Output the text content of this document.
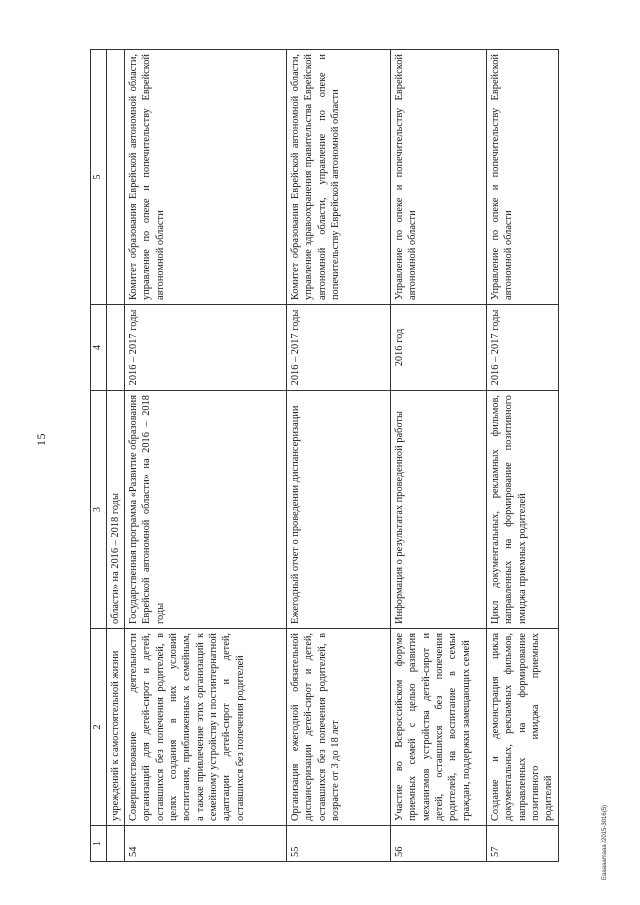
15
1	2	3	4	5
	учреждений к самостоятельной жизни	области» на 2016 – 2018 годы		
54	Совершенствование деятельности организаций для детей-сирот и детей, оставшихся без попечения родителей, в целях создания в них условий воспитания, приближенных к семейным, а также привлечение этих организаций к семейному устройству и постинтернатной адаптации детей-сирот и детей, оставшихся без попечения родителей	Государственная программа «Развитие образования Еврейской автономной области» на 2016 – 2018 годы	2016 – 2017 годы	Комитет образования Еврейской автономной области, управление по опеке и попечительству Еврейской автономной области
55	Организация ежегодной обязательной диспансеризации детей-сирот и детей, оставшихся без попечения родителей, в возрасте от 3 до 18 лет	Ежегодный отчет о проведении диспансеризации	2016 – 2017 годы	Комитет образования Еврейской автономной области, управление здравоохранения правительства Еврейской автономной области, управление по опеке и попечительству Еврейской автономной области
56	Участие во Всероссийском форуме приемных семей с целью развития механизмов устройства детей-сирот и детей, оставшихся без попечения родителей, на воспитание в семьи граждан, поддержки замещающих семей	Информация о результатах проведенной работы	2016 год	Управление по опеке и попечительству Еврейской автономной области
57	Создание и демонстрация цикла документальных, рекламных фильмов, направленных на формирование позитивного имиджа приемных родителей	Цикл документальных, рекламных фильмов, направленных на формирование позитивного имиджа приемных родителей	2016 – 2017 годы	Управление по опеке и попечительству Еврейской автономной области
Eaaaaamaaa /2015-3016(5)
